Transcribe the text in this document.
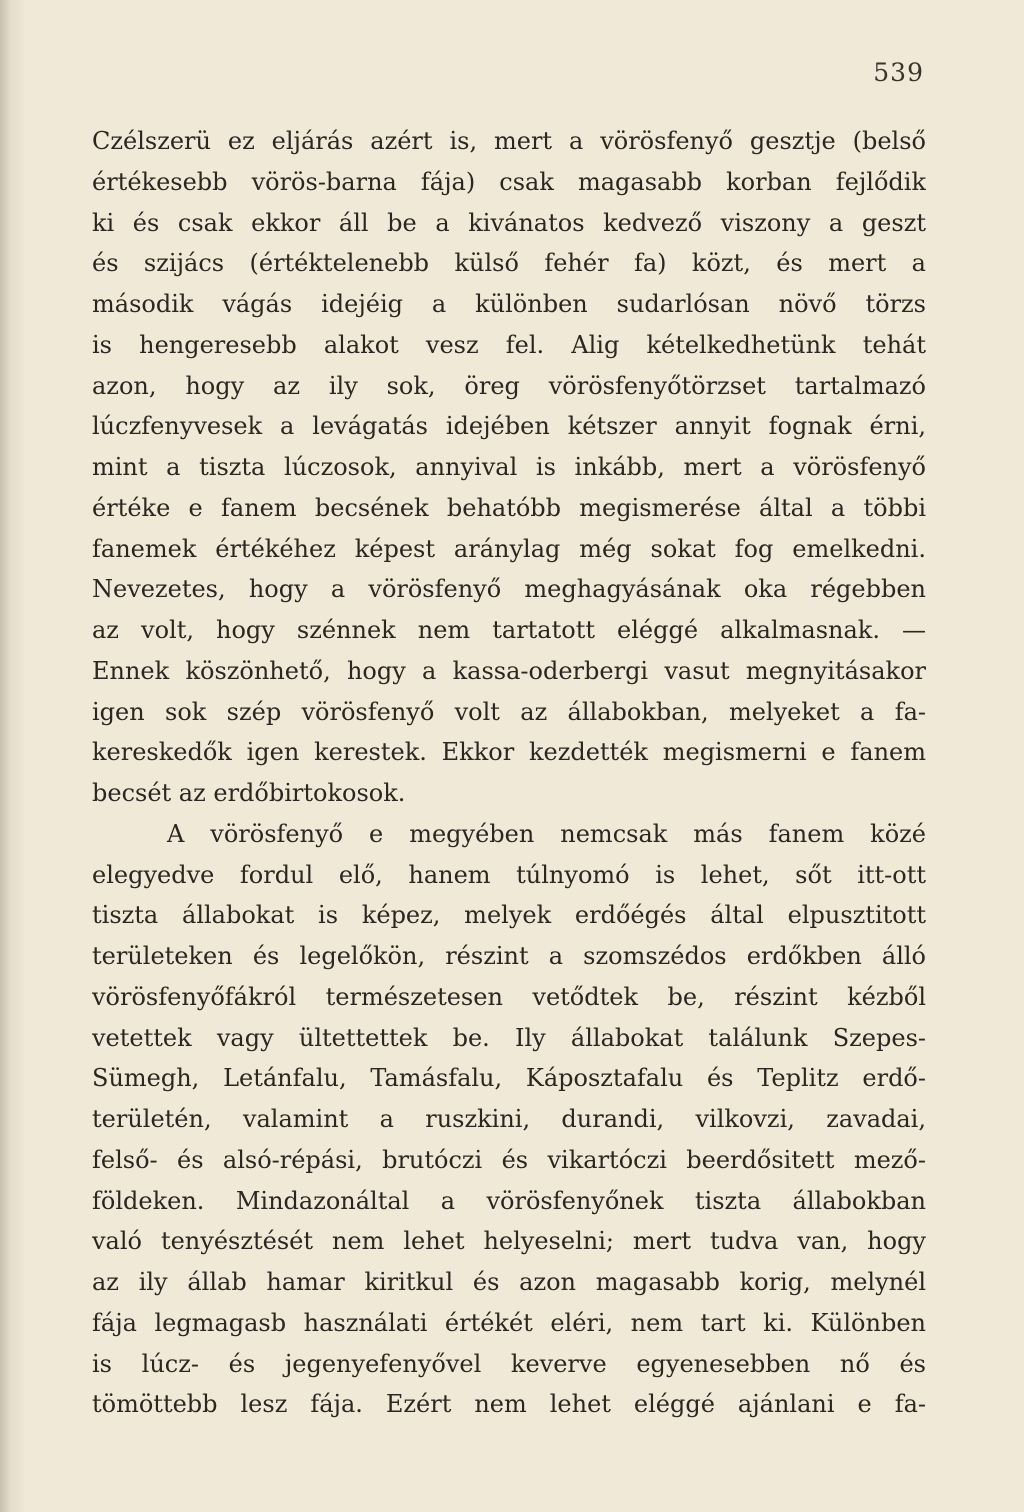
539
Czélszerü ez eljárás azért is, mert a vörösfenyő gesztje (belső
értékesebb vörös-barna fája) csak magasabb korban fejlődik
ki és csak ekkor áll be a kivánatos kedvező viszony a geszt
és szijács (értéktelenebb külső fehér fa) közt, és mert a
második vágás idejéig a különben sudarlósan növő törzs
is hengeresebb alakot vesz fel. Alig kételkedhetünk tehát
azon, hogy az ily sok, öreg vörösfenyőtörzset tartalmazó
lúczfenyvesek a levágatás idejében kétszer annyit fognak érni,
mint a tiszta lúczosok, annyival is inkább, mert a vörösfenyő
értéke e fanem becsének behatóbb megismerése által a többi
fanemek értékéhez képest aránylag még sokat fog emelkedni.
Nevezetes, hogy a vörösfenyő meghagyásának oka régebben
az volt, hogy szénnek nem tartatott eléggé alkalmasnak. —
Ennek köszönhető, hogy a kassa-oderbergi vasut megnyitásakor
igen sok szép vörösfenyő volt az állabokban, melyeket a fa-
kereskedők igen kerestek. Ekkor kezdették megismerni e fanem
becsét az erdőbirtokosok.
A vörösfenyő e megyében nemcsak más fanem közé
elegyedve fordul elő, hanem túlnyomó is lehet, sőt itt-ott
tiszta állabokat is képez, melyek erdőégés által elpusztitott
területeken és legelőkön, részint a szomszédos erdőkben álló
vörösfenyőfákról természetesen vetődtek be, részint kézből
vetettek vagy ültettettek be. Ily állabokat találunk Szepes-
Sümegh, Letánfalu, Tamásfalu, Káposztafalu és Teplitz erdő-
területén, valamint a ruszkini, durandi, vilkovzi, zavadai,
felső- és alsó-répási, brutóczi és vikartóczi beerdősitett mező-
földeken. Mindazonáltal a vörösfenyőnek tiszta állabokban
való tenyésztését nem lehet helyeselni; mert tudva van, hogy
az ily állab hamar kiritkul és azon magasabb korig, melynél
fája legmagasb használati értékét eléri, nem tart ki. Különben
is lúcz- és jegenyefenyővel keverve egyenesebben nő és
tömöttebb lesz fája. Ezért nem lehet eléggé ajánlani e fa-
